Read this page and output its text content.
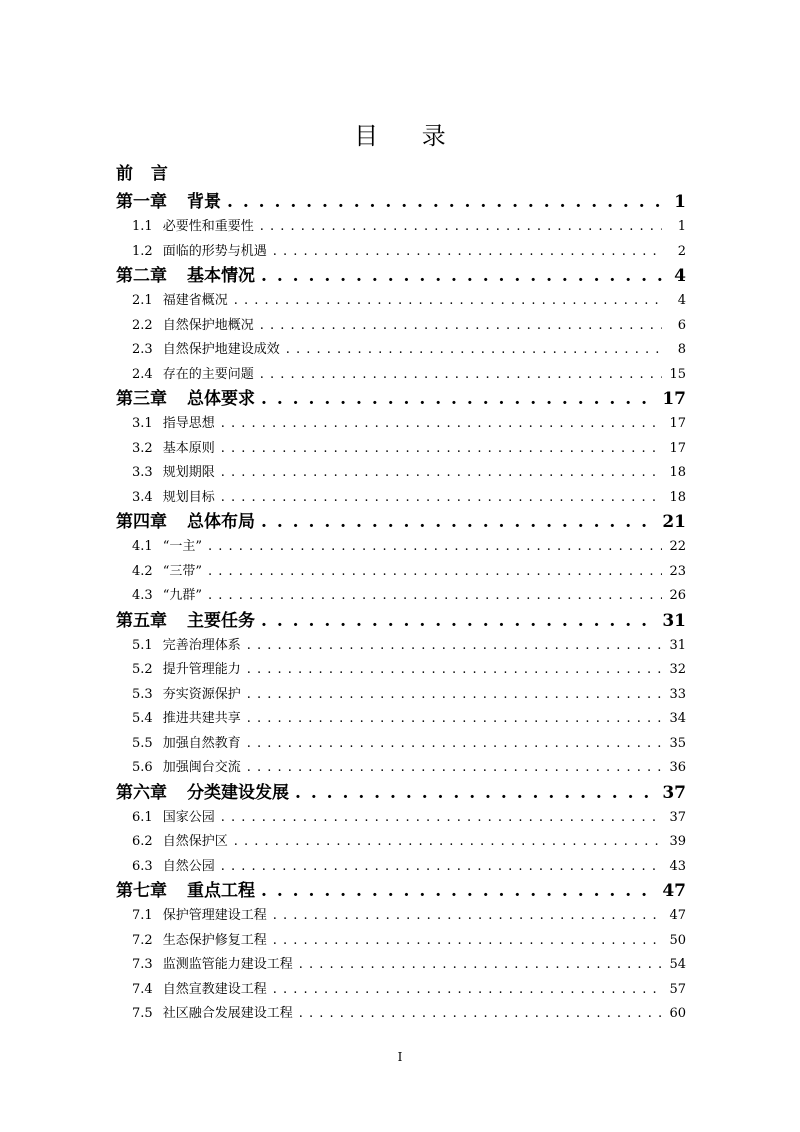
目 录
前 言
第一章 背景 . . .	1
1.1 必要性和重要性 . . .	1
1.2 面临的形势与机遇 . . .	2
第二章 基本情况 . . .	4
2.1 福建省概况 . . .	4
2.2 自然保护地概况 . . .	6
2.3 自然保护地建设成效 . . .	8
2.4 存在的主要问题 . . .	15
第三章 总体要求 . . .	17
3.1 指导思想 . . .	17
3.2 基本原则 . . .	17
3.3 规划期限 . . .	18
3.4 规划目标 . . .	18
第四章 总体布局 . . .	21
4.1 “一主” . . .	22
4.2 “三带” . . .	23
4.3 “九群” . . .	26
第五章 主要任务 . . .	31
5.1 完善治理体系 . . .	31
5.2 提升管理能力 . . .	32
5.3 夯实资源保护 . . .	33
5.4 推进共建共享 . . .	34
5.5 加强自然教育 . . .	35
5.6 加强闽台交流 . . .	36
第六章 分类建设发展 . . .	37
6.1 国家公园 . . .	37
6.2 自然保护区 . . .	39
6.3 自然公园 . . .	43
第七章 重点工程 . . .	47
7.1 保护管理建设工程 . . .	47
7.2 生态保护修复工程 . . .	50
7.3 监测监管能力建设工程 . . .	54
7.4 自然宣教建设工程 . . .	57
7.5 社区融合发展建设工程 . . .	60
I
